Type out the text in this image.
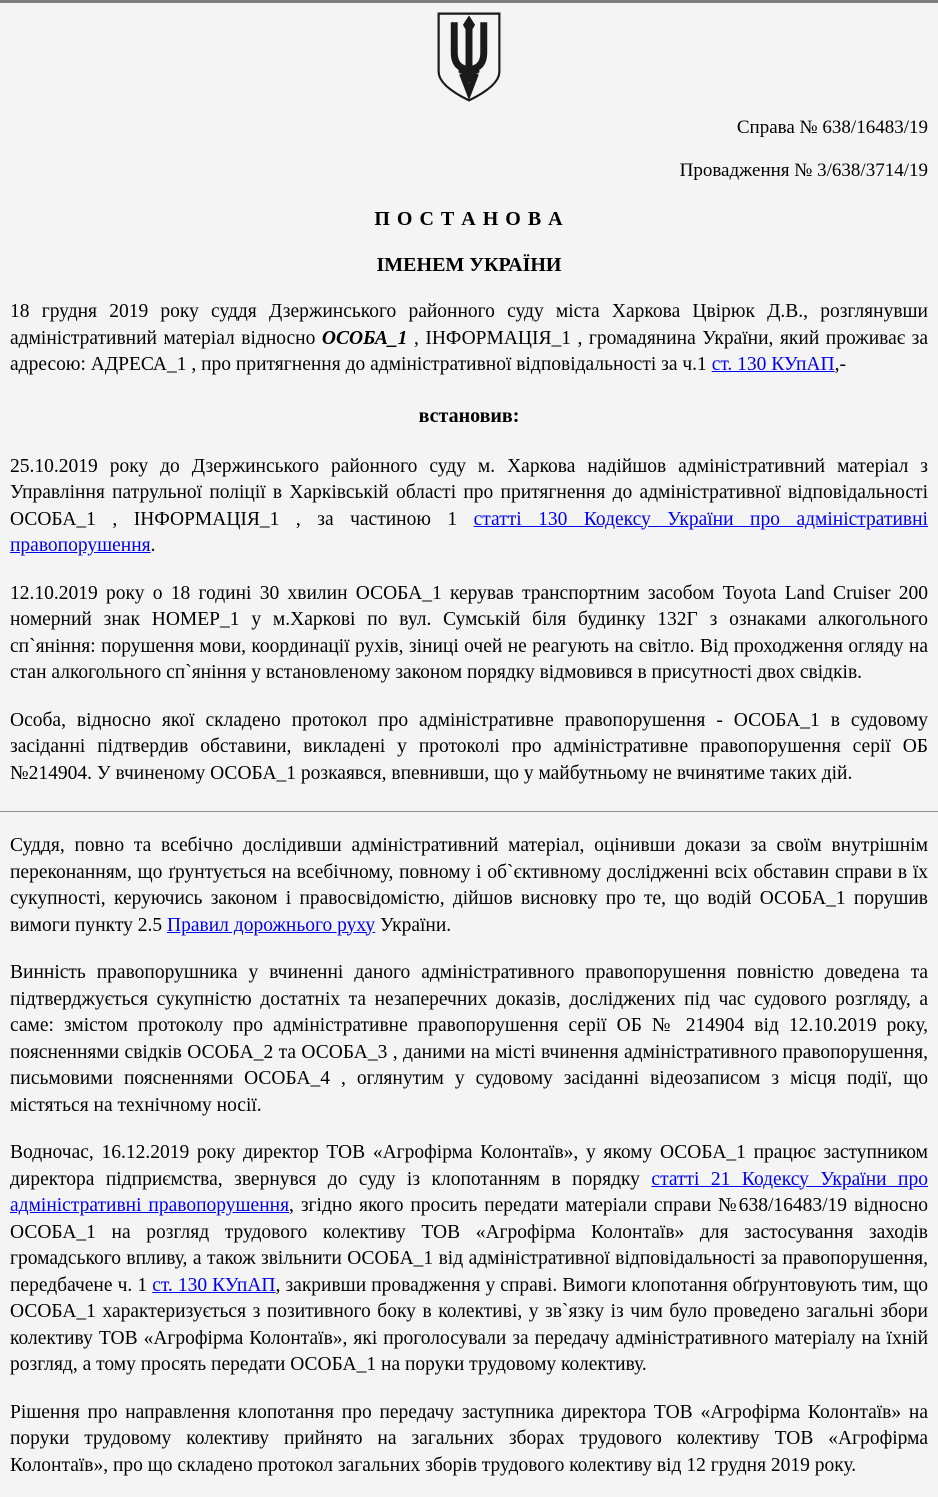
Справа № 638/16483/19

Провадження № 3/638/3714/19

П О С Т А Н О В А
ІМЕНЕМ УКРАЇНИ

18 грудня 2019 року суддя Дзержинського районного суду міста Харкова Цвірюк Д.В., розглянувши адміністративний матеріал відносно ОСОБА_1 , ІНФОРМАЦІЯ_1 , громадянина України, який проживає за адресою: АДРЕСА_1 , про притягнення до адміністративної відповідальності за ч.1 ст. 130 КУпАП,-

встановив:

25.10.2019 року до Дзержинського районного суду м. Харкова надійшов адміністративний матеріал з Управління патрульної поліції в Харківській області про притягнення до адміністративної відповідальності ОСОБА_1 , ІНФОРМАЦІЯ_1 , за частиною 1 статті 130 Кодексу України про адміністративні правопорушення.

12.10.2019 року о 18 годині 30 хвилин ОСОБА_1 керував транспортним засобом Toyota Land Cruiser 200 номерний знак НОМЕР_1 у м.Харкові по вул. Сумській біля будинку 132Г з ознаками алкогольного сп`яніння: порушення мови, координації рухів, зіниці очей не реагують на світло. Від проходження огляду на стан алкогольного сп`яніння у встановленому законом порядку відмовився в присутності двох свідків.

Особа, відносно якої складено протокол про адміністративне правопорушення - ОСОБА_1 в судовому засіданні підтвердив обставини, викладені у протоколі про адміністративне правопорушення серії ОБ №214904. У вчиненому ОСОБА_1 розкаявся, впевнивши, що у майбутньому не вчинятиме таких дій.

Суддя, повно та всебічно дослідивши адміністративний матеріал, оцінивши докази за своїм внутрішнім переконанням, що ґрунтується на всебічному, повному і об`єктивному дослідженні всіх обставин справи в їх сукупності, керуючись законом і правосвідомістю, дійшов висновку про те, що водій ОСОБА_1 порушив вимоги пункту 2.5 Правил дорожнього руху України.

Винність правопорушника у вчиненні даного адміністративного правопорушення повністю доведена та підтверджується сукупністю достатніх та незаперечних доказів, досліджених під час судового розгляду, а саме: змістом протоколу про адміністративне правопорушення серії ОБ № 214904 від 12.10.2019 року, поясненнями свідків ОСОБА_2 та ОСОБА_3 , даними на місті вчинення адміністративного правопорушення, письмовими поясненнями ОСОБА_4 , оглянутим у судовому засіданні відеозаписом з місця події, що містяться на технічному носії.

Водночас, 16.12.2019 року директор ТОВ «Агрофірма Колонтаїв», у якому ОСОБА_1 працює заступником директора підприємства, звернувся до суду із клопотанням в порядку статті 21 Кодексу України про адміністративні правопорушення, згідно якого просить передати матеріали справи №638/16483/19 відносно ОСОБА_1 на розгляд трудового колективу ТОВ «Агрофірма Колонтаїв» для застосування заходів громадського впливу, а також звільнити ОСОБА_1 від адміністративної відповідальності за правопорушення, передбачене ч. 1 ст. 130 КУпАП, закривши провадження у справі. Вимоги клопотання обґрунтовують тим, що ОСОБА_1 характеризується з позитивного боку в колективі, у зв`язку із чим було проведено загальні збори колективу ТОВ «Агрофірма Колонтаїв», які проголосували за передачу адміністративного матеріалу на їхній розгляд, а тому просять передати ОСОБА_1 на поруки трудовому колективу.

Рішення про направлення клопотання про передачу заступника директора ТОВ «Агрофірма Колонтаїв» на поруки трудовому колективу прийнято на загальних зборах трудового колективу ТОВ «Агрофірма Колонтаїв», про що складено протокол загальних зборів трудового колективу від 12 грудня 2019 року.
